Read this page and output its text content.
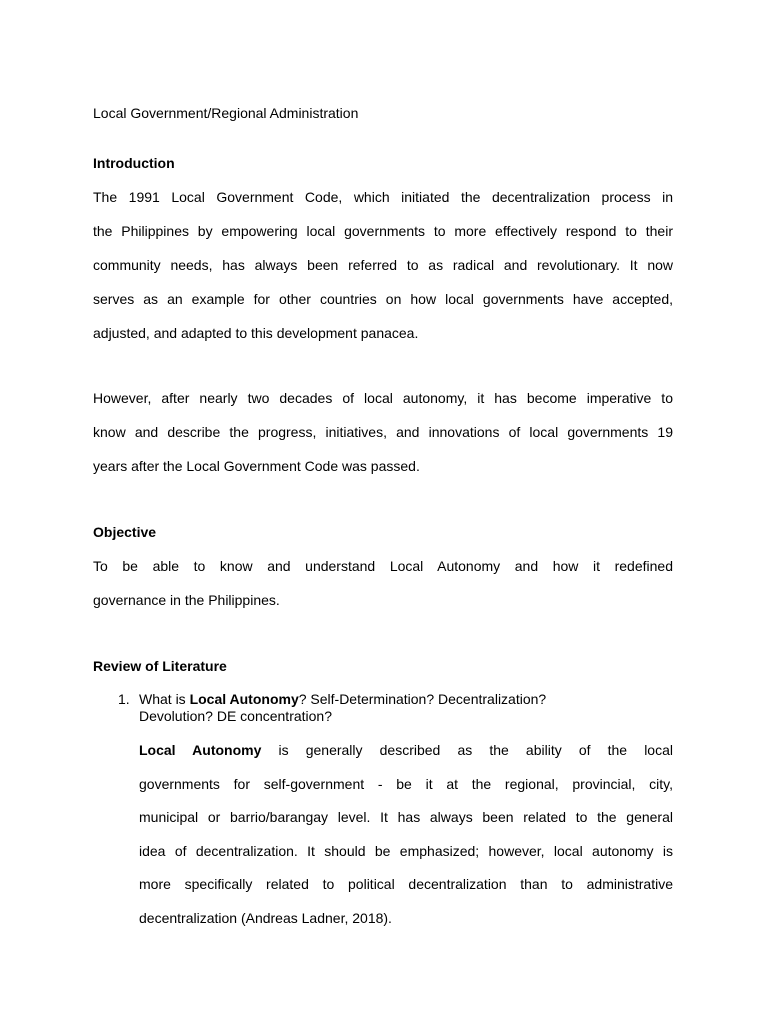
Local Government/Regional Administration
Introduction

The 1991 Local Government Code, which initiated the decentralization process in
the Philippines by empowering local governments to more effectively respond to their
community needs, has always been referred to as radical and revolutionary. It now
serves as an example for other countries on how local governments have accepted,
adjusted, and adapted to this development panacea.

However, after nearly two decades of local autonomy, it has become imperative to
know and describe the progress, initiatives, and innovations of local governments 19
years after the Local Government Code was passed.

Objective

To be able to know and understand Local Autonomy and how it redefined
governance in the Philippines.

Review of Literature
1. What is Local Autonomy? Self-Determination? Decentralization?
Devolution? DE concentration?

Local Autonomy is generally described as the ability of the local
governments for self-government - be it at the regional, provincial, city,
municipal or barrio/barangay level. It has always been related to the general
idea of decentralization. It should be emphasized; however, local autonomy is
more specifically related to political decentralization than to administrative
decentralization (Andreas Ladner, 2018).
